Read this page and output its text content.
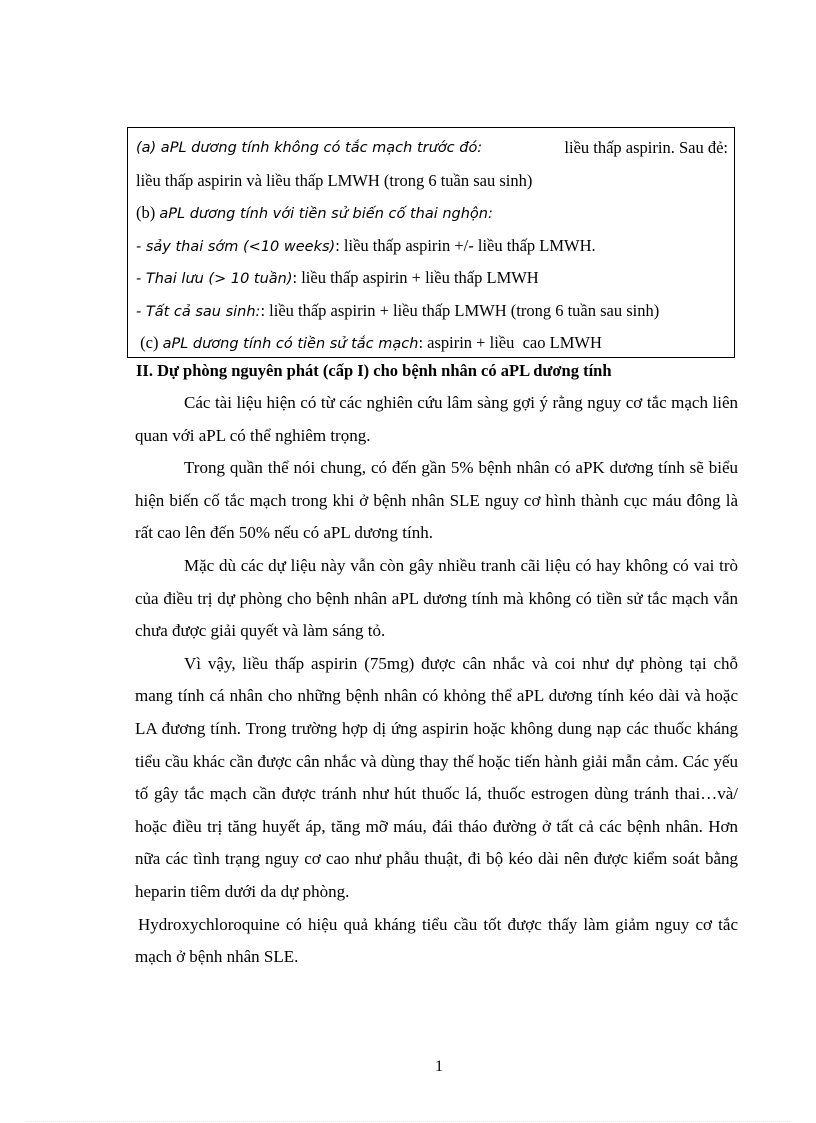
(a) aPL dương tính không có tắc mạch trước đó:	liều thấp aspirin. Sau đẻ:
liều thấp aspirin và liều thấp LMWH (trong 6 tuần sau sinh)
(b) aPL dương tính với tiền sử biến cố thai nghộn:
- sảy thai sớm (<10 weeks): liều thấp aspirin +/- liều thấp LMWH.
- Thai lưu (> 10 tuần): liều thấp aspirin + liều thấp LMWH
- Tất cả sau sinh:: liều thấp aspirin + liều thấp LMWH (trong 6 tuần sau sinh)
(c) aPL dương tính có tiền sử tắc mạch: aspirin + liều  cao LMWH
II. Dự phòng nguyên phát (cấp I) cho bệnh nhân có aPL dương tính

Các tài liệu hiện có từ các nghiên cứu lâm sàng gợi ý rằng nguy cơ tắc mạch liên quan với aPL có thể nghiêm trọng.

Trong quần thể nói chung, có đến gần 5% bệnh nhân có aPK dương tính sẽ biểu hiện biến cố tắc mạch trong khi ở bệnh nhân SLE nguy cơ hình thành cục máu đông là rất cao lên đến 50% nếu có aPL dương tính.

Mặc dù các dự liệu này vẫn còn gây nhiều tranh cãi liệu có hay không có vai trò của điều trị dự phòng cho bệnh nhân aPL dương tính mà không có tiền sử tắc mạch vẫn chưa được giải quyết và làm sáng tỏ.

Vì vậy, liều thấp aspirin (75mg) được cân nhắc và coi như dự phòng tại chỗ mang tính cá nhân cho những bệnh nhân có khỏng thể aPL dương tính kéo dài và hoặc LA đương tính. Trong trường hợp dị ứng aspirin hoặc không dung nạp các thuốc kháng tiểu cầu khác cần được cân nhắc và dùng thay thế hoặc tiến hành giải mẫn cảm. Các yếu tố gây tắc mạch cần được tránh như hút thuốc lá, thuốc estrogen dùng tránh thai…và/ hoặc điều trị tăng huyết áp, tăng mỡ máu, đái tháo đường ở tất cả các bệnh nhân. Hơn nữa các tình trạng nguy cơ cao như phẫu thuật, đi bộ kéo dài nên được kiểm soát bằng heparin tiêm dưới da dự phòng.

Hydroxychloroquine có hiệu quả kháng tiểu cầu tốt được thấy làm giảm nguy cơ tắc mạch ở bệnh nhân SLE.

1
